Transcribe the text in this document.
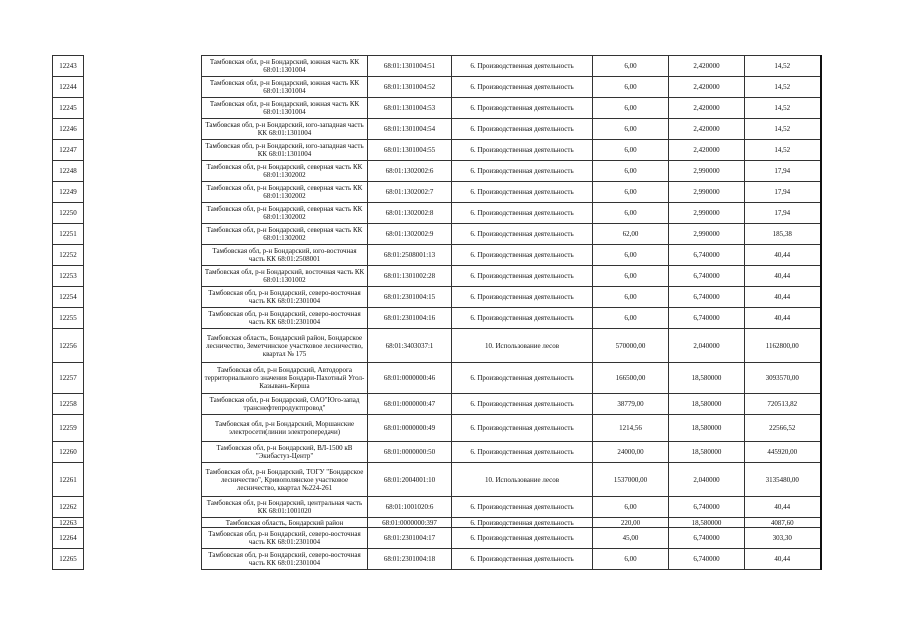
12243		Тамбовская обл, р-н Бондарский, южная часть КК 68:01:1301004	68:01:1301004:51	6. Производственная деятельность	6,00	2,420000	14,52
12244		Тамбовская обл, р-н Бондарский, южная часть КК 68:01:1301004	68:01:1301004:52	6. Производственная деятельность	6,00	2,420000	14,52
12245		Тамбовская обл, р-н Бондарский, южная часть КК 68:01:1301004	68:01:1301004:53	6. Производственная деятельность	6,00	2,420000	14,52
12246		Тамбовская обл, р-н Бондарский, юго-западная часть КК 68:01:1301004	68:01:1301004:54	6. Производственная деятельность	6,00	2,420000	14,52
12247		Тамбовская обл, р-н Бондарский, юго-западная часть КК 68:01:1301004	68:01:1301004:55	6. Производственная деятельность	6,00	2,420000	14,52
12248		Тамбовская обл, р-н Бондарский, северная часть КК 68:01:1302002	68:01:1302002:6	6. Производственная деятельность	6,00	2,990000	17,94
12249		Тамбовская обл, р-н Бондарский, северная часть КК 68:01:1302002	68:01:1302002:7	6. Производственная деятельность	6,00	2,990000	17,94
12250		Тамбовская обл, р-н Бондарский, северная часть КК 68:01:1302002	68:01:1302002:8	6. Производственная деятельность	6,00	2,990000	17,94
12251		Тамбовская обл, р-н Бондарский, северная часть КК 68:01:1302002	68:01:1302002:9	6. Производственная деятельность	62,00	2,990000	185,38
12252		Тамбовская обл, р-н Бондарский, юго-восточная часть КК 68:01:2508001	68:01:2508001:13	6. Производственная деятельность	6,00	6,740000	40,44
12253		Тамбовская обл, р-н Бондарский, восточная часть КК 68:01:1301002	68:01:1301002:28	6. Производственная деятельность	6,00	6,740000	40,44
12254		Тамбовская обл, р-н Бондарский, северо-восточная часть КК 68:01:2301004	68:01:2301004:15	6. Производственная деятельность	6,00	6,740000	40,44
12255		Тамбовская обл, р-н Бондарский, северо-восточная часть КК 68:01:2301004	68:01:2301004:16	6. Производственная деятельность	6,00	6,740000	40,44
12256		Тамбовская область, Бондарский район, Бондарское лесничество, Земетчинское участковое лесничество, квартал № 175	68:01:3403037:1	10. Использование лесов	570000,00	2,040000	1162800,00
12257		Тамбовская обл, р-н Бондарский, Автодорога территориального значения Бондари-Пахотный Угол-Казывань-Керша	68:01:0000000:46	6. Производственная деятельность	166500,00	18,580000	3093570,00
12258		Тамбовская обл, р-н Бондарский, ОАО"Юго-запад транснефтепродуктпровод"	68:01:0000000:47	6. Производственная деятельность	38779,00	18,580000	720513,82
12259		Тамбовская обл, р-н Бондарский, Моршанские электросети(линии электропередачи)	68:01:0000000:49	6. Производственная деятельность	1214,56	18,580000	22566,52
12260		Тамбовская обл, р-н Бондарский, ВЛ-1500 кВ "Экибастуз-Центр"	68:01:0000000:50	6. Производственная деятельность	24000,00	18,580000	445920,00
12261		Тамбовская обл, р-н Бондарский, ТОГУ "Бондарское лесничество", Кривополянское участковое лесничество, квартал №224-261	68:01:2004001:10	10. Использование лесов	1537000,00	2,040000	3135480,00
12262		Тамбовская обл, р-н Бондарский, центральная часть КК 68:01:1001020	68:01:1001020:6	6. Производственная деятельность	6,00	6,740000	40,44
12263		Тамбовская область, Бондарский район	68:01:0000000:397	6. Производственная деятельность	220,00	18,580000	4087,60
12264		Тамбовская обл, р-н Бондарский, северо-восточная часть КК 68:01:2301004	68:01:2301004:17	6. Производственная деятельность	45,00	6,740000	303,30
12265		Тамбовская обл, р-н Бондарский, северо-восточная часть КК 68:01:2301004	68:01:2301004:18	6. Производственная деятельность	6,00	6,740000	40,44
